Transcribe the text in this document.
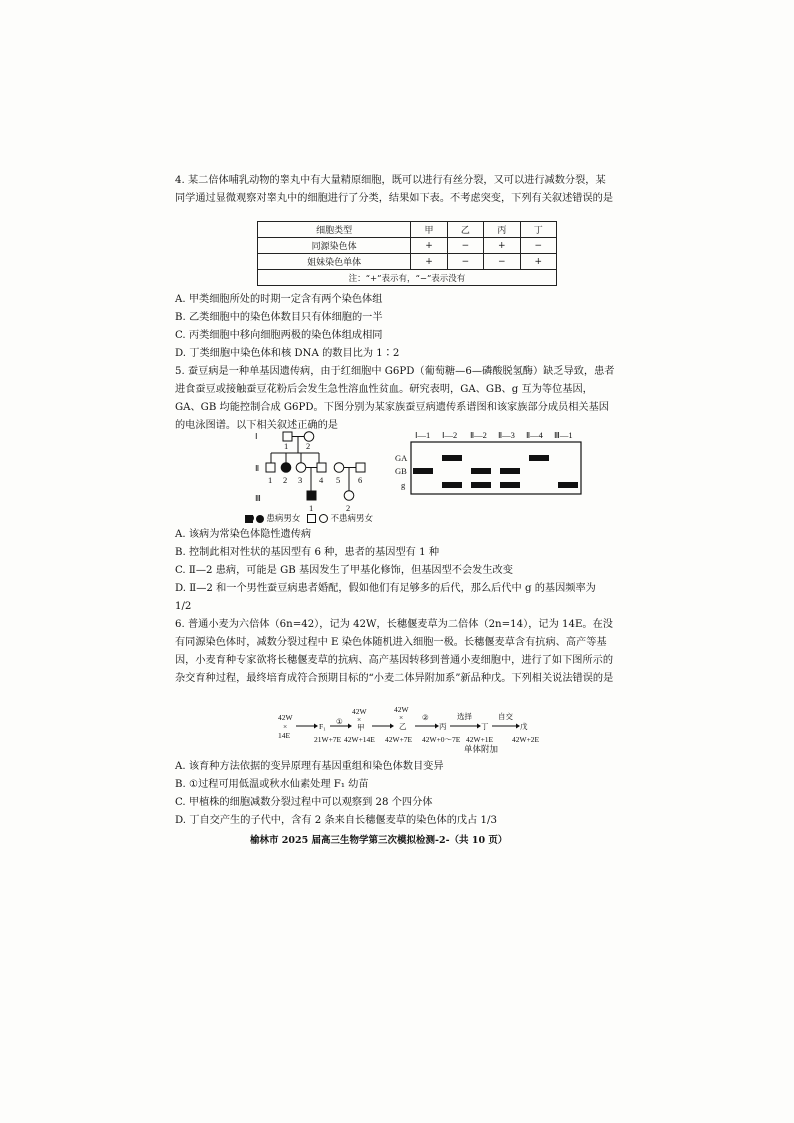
4. 某二倍体哺乳动物的睾丸中有大量精原细胞，既可以进行有丝分裂，又可以进行减数分裂，某同学通过显微观察对睾丸中的细胞进行了分类，结果如下表。不考虑突变，下列有关叙述错误的是

细胞类型	甲	乙	丙	丁
同源染色体	+	−	+	−
姐妹染色单体	+	−	−	+
注：“+”表示有，“−”表示没有				

A. 甲类细胞所处的时期一定含有两个染色体组

B. 乙类细胞中的染色体数目只有体细胞的一半

C. 丙类细胞中移向细胞两极的染色体组成相同

D. 丁类细胞中染色体和核 DNA 的数目比为 1∶2

5. 蚕豆病是一种单基因遗传病，由于红细胞中 G6PD（葡萄糖—6—磷酸脱氢酶）缺乏导致，患者进食蚕豆或接触蚕豆花粉后会发生急性溶血性贫血。研究表明，GA、GB、g 互为等位基因，GA、GB 均能控制合成 G6PD。下图分别为某家族蚕豆病遗传系谱图和该家族部分成员相关基因的电泳图谱。以下相关叙述正确的是

Ⅰ
Ⅱ
Ⅲ
1 2
1 2 3 4 5 6
1	2
患病男女	不患病男女
Ⅰ—1 Ⅰ—2 Ⅱ—2 Ⅱ—3 Ⅱ—4 Ⅲ—1
GA
GB
g

A. 该病为常染色体隐性遗传病

B. 控制此相对性状的基因型有 6 种，患者的基因型有 1 种

C. Ⅱ—2 患病，可能是 GB 基因发生了甲基化修饰，但基因型不会发生改变

D. Ⅱ—2 和一个男性蚕豆病患者婚配，假如他们有足够多的后代，那么后代中 g 的基因频率为 1/2

6. 普通小麦为六倍体（6n=42），记为 42W，长穗偃麦草为二倍体（2n=14），记为 14E。在没有同源染色体时，减数分裂过程中 E 染色体随机进入细胞一极。长穗偃麦草含有抗病、高产等基因，小麦育种专家欲将长穗偃麦草的抗病、高产基因转移到普通小麦细胞中，进行了如下图所示的杂交育种过程，最终培育成符合预期目标的“小麦二体异附加系”新品种戊。下列相关说法错误的是

42W
×
14E
F₁
21W+7E
①
42W
×
甲
42W+14E
42W
×
乙
42W+7E
②
丙
42W+0～7E
选择
丁
42W+1E
自交
戊
42W+2E
单体附加

A. 该育种方法依据的变异原理有基因重组和染色体数目变异

B. ①过程可用低温或秋水仙素处理 F₁ 幼苗

C. 甲植株的细胞减数分裂过程中可以观察到 28 个四分体

D. 丁自交产生的子代中，含有 2 条来自长穗偃麦草的染色体的戊占 1/3

榆林市 2025 届高三生物学第三次模拟检测-2-（共 10 页）
